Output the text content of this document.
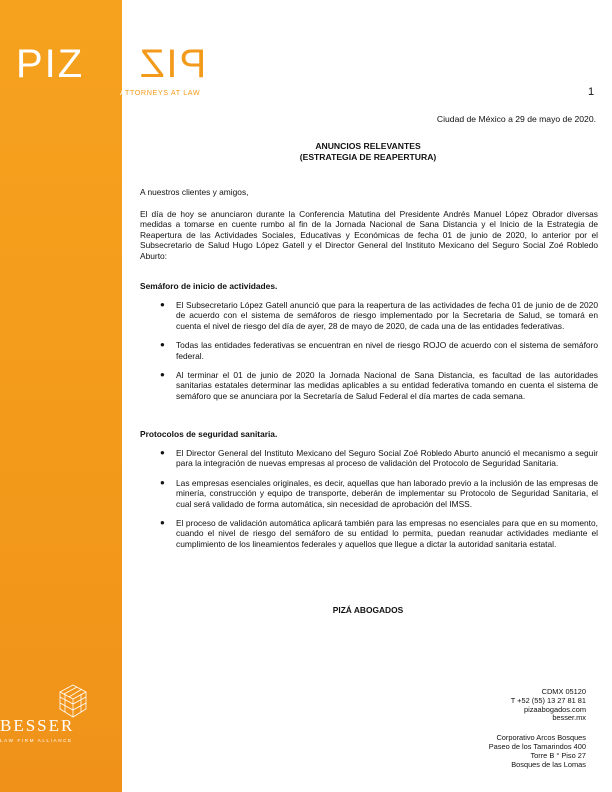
PIZ PIZ
ATTORNEYS AT LAW	1
Ciudad de México a 29 de mayo de 2020.
ANUNCIOS RELEVANTES
(ESTRATEGIA DE REAPERTURA)

A nuestros clientes y amigos,

El día de hoy se anunciaron durante la Conferencia Matutina del Presidente Andrés Manuel López Obrador diversas medidas a tomarse en cuente rumbo al fin de la Jornada Nacional de Sana Distancia y el Inicio de la Estrategia de Reapertura de las Actividades Sociales, Educativas y Económicas de fecha 01 de junio de 2020, lo anterior por el Subsecretario de Salud Hugo López Gatell y el Director General del Instituto Mexicano del Seguro Social Zoé Robledo Aburto:

Semáforo de inicio de actividades.

● El Subsecretario López Gatell anunció que para la reapertura de las actividades de fecha 01 de junio de de 2020 de acuerdo con el sistema de semáforos de riesgo implementado por la Secretaria de Salud, se tomará en cuenta el nivel de riesgo del día de ayer, 28 de mayo de 2020, de cada una de las entidades federativas.
● Todas las entidades federativas se encuentran en nivel de riesgo ROJO de acuerdo con el sistema de semáforo federal.
● Al terminar el 01 de junio de 2020 la Jornada Nacional de Sana Distancia, es facultad de las autoridades sanitarias estatales determinar las medidas aplicables a su entidad federativa tomando en cuenta el sistema de semáforo que se anunciara por la Secretaría de Salud Federal el día martes de cada semana.

Protocolos de seguridad sanitaria.

● El Director General del Instituto Mexicano del Seguro Social Zoé Robledo Aburto anunció el mecanismo a seguir para la integración de nuevas empresas al proceso de validación del Protocolo de Seguridad Sanitaria.
● Las empresas esenciales originales, es decir, aquellas que han laborado previo a la inclusión de las empresas de minería, construcción y equipo de transporte, deberán de implementar su Protocolo de Seguridad Sanitaria, el cual será validado de forma automática, sin necesidad de aprobación del IMSS.
● El proceso de validación automática aplicará también para las empresas no esenciales para que en su momento, cuando el nivel de riesgo del semáforo de su entidad lo permita, puedan reanudar actividades mediante el cumplimiento de los lineamientos federales y aquellos que llegue a dictar la autoridad sanitaria estatal.
PIZÁ ABOGADOS
BESSER
LAW FIRM ALLIANCE
CDMX 05120
T +52 (55) 13 27 81 81
pizaabogados.com
besser.mx
Corporativo Arcos Bosques
Paseo de los Tamarindos 400
Torre B ° Piso 27
Bosques de las Lomas
